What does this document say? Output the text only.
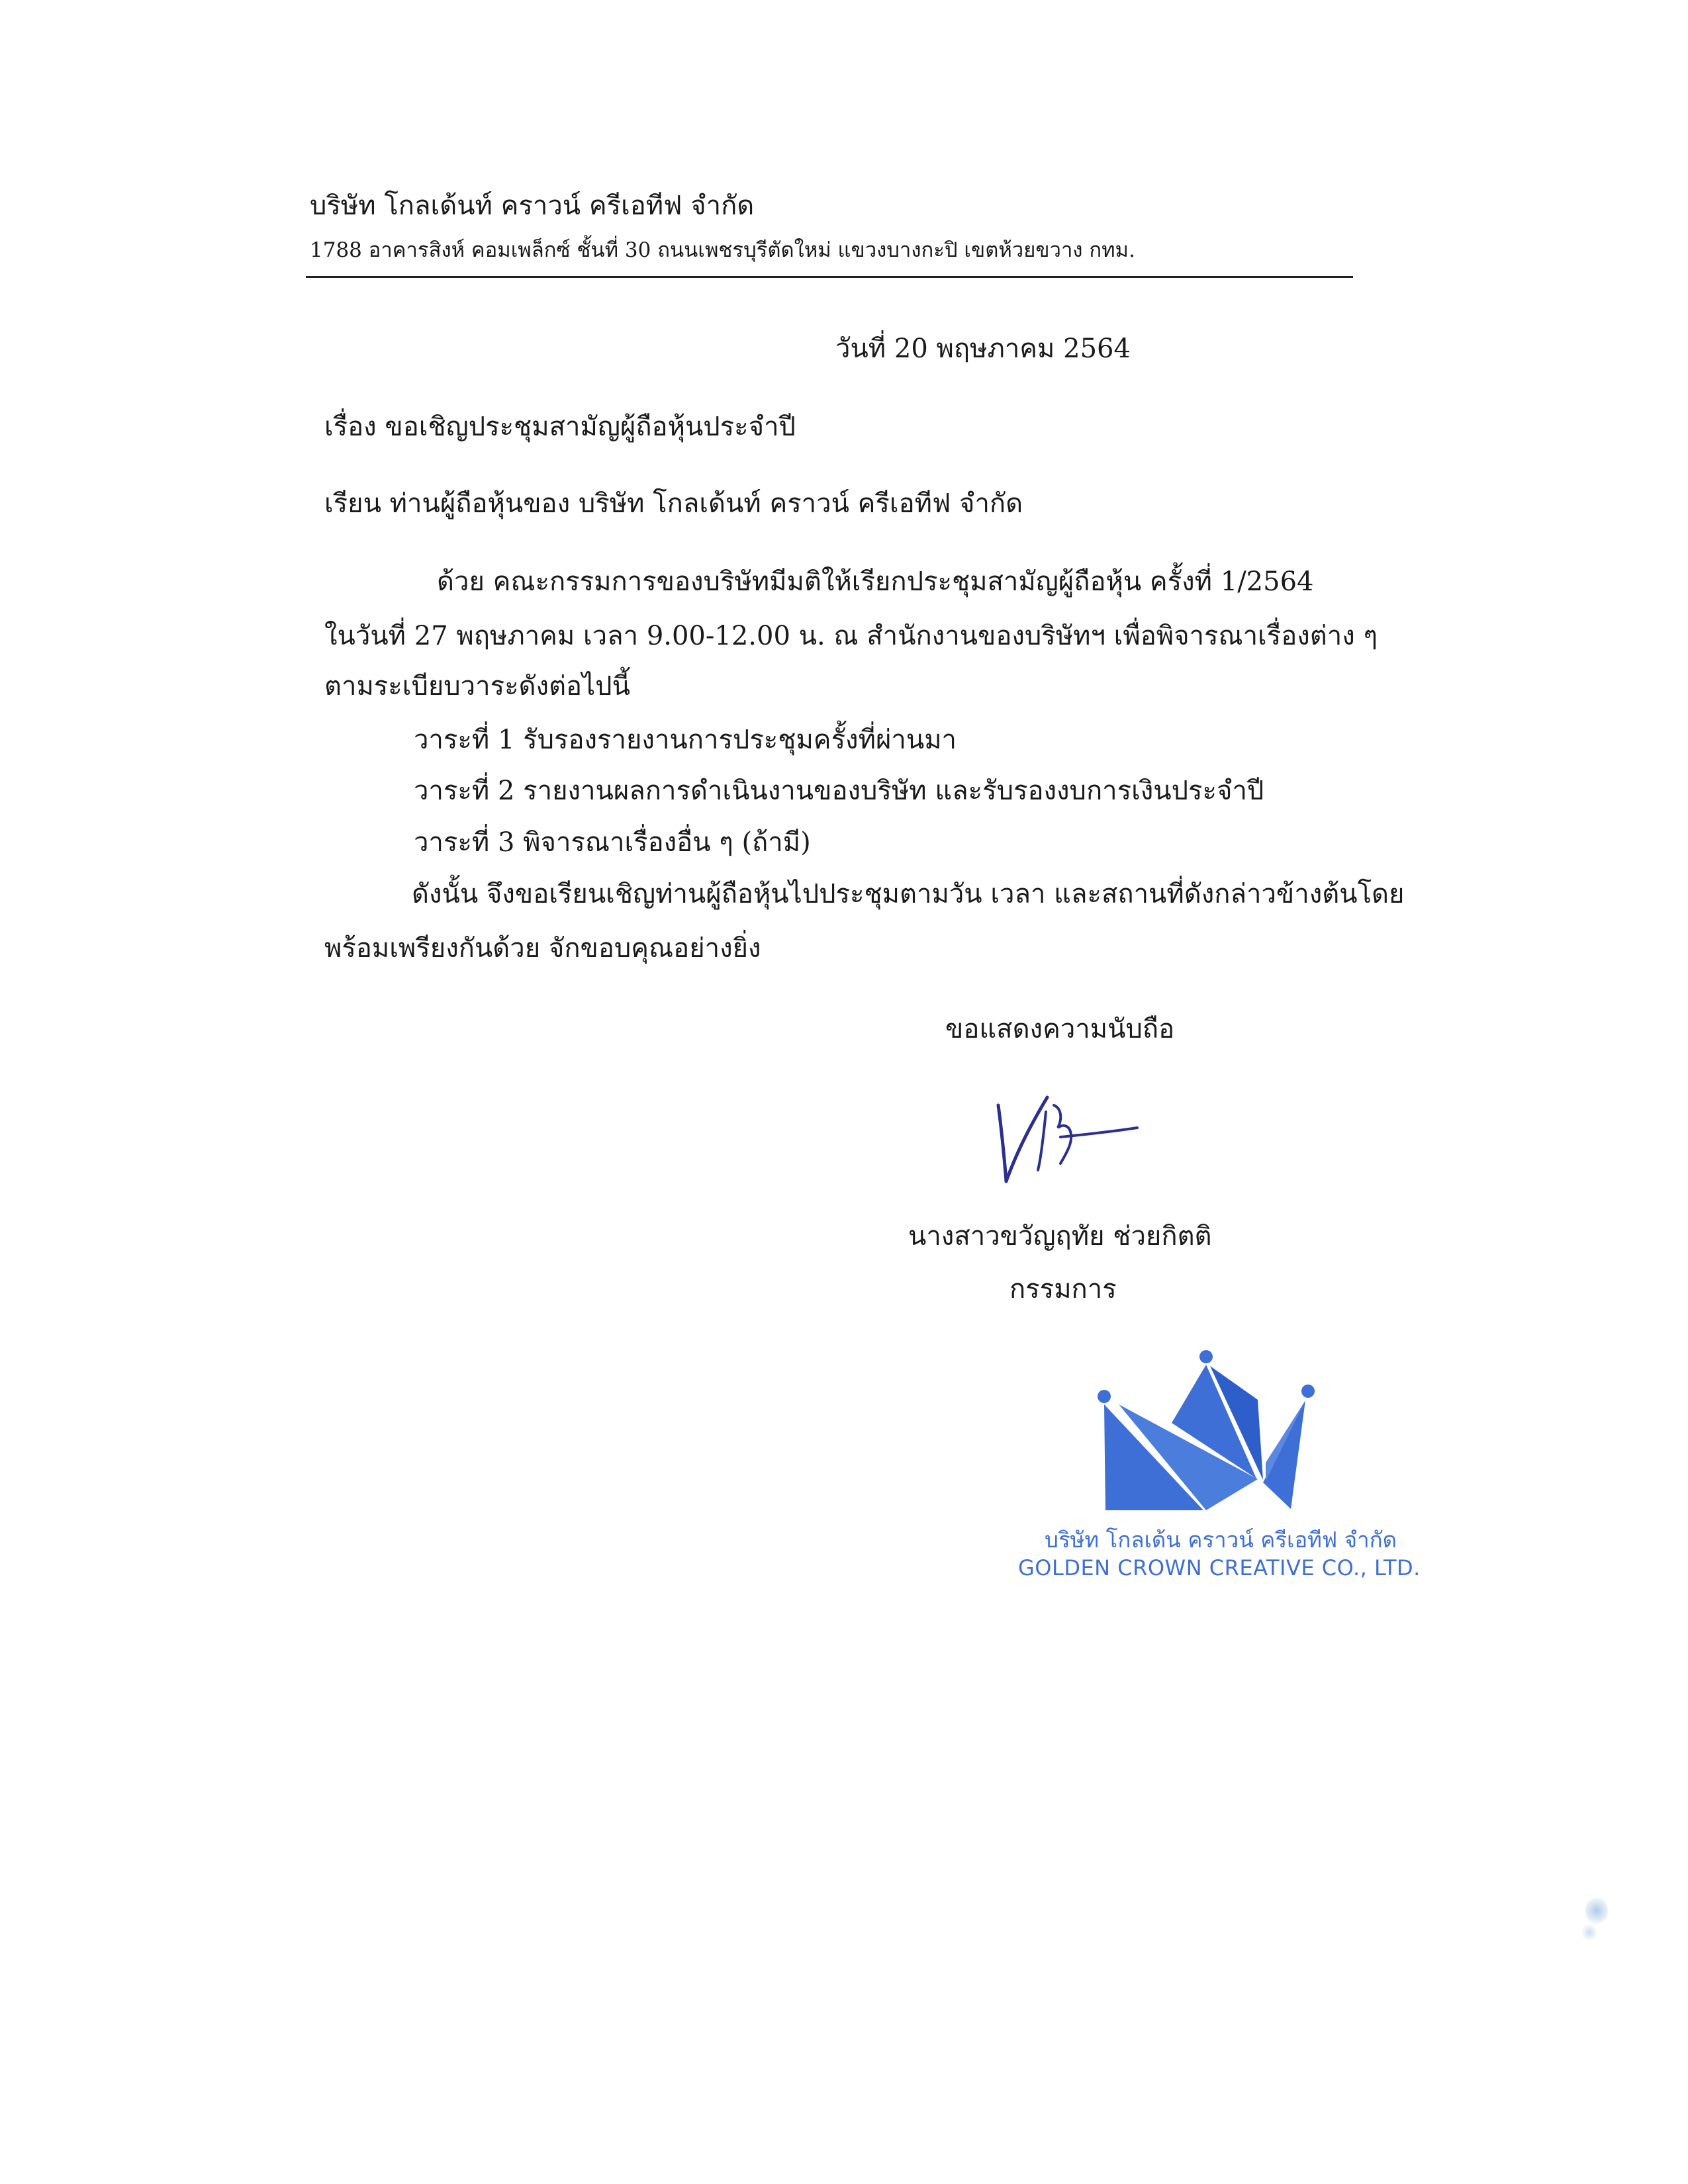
บริษัท โกลเด้นท์ คราวน์ ครีเอทีฟ จำกัด
1788 อาคารสิงห์ คอมเพล็กซ์ ชั้นที่ 30 ถนนเพชรบุรีตัดใหม่ แขวงบางกะปิ เขตห้วยขวาง กทม.
วันที่ 20 พฤษภาคม 2564
เรื่อง ขอเชิญประชุมสามัญผู้ถือหุ้นประจำปี
เรียน ท่านผู้ถือหุ้นของ บริษัท โกลเด้นท์ คราวน์ ครีเอทีฟ จำกัด
ด้วย คณะกรรมการของบริษัทมีมติให้เรียกประชุมสามัญผู้ถือหุ้น ครั้งที่ 1/2564
ในวันที่ 27 พฤษภาคม เวลา 9.00-12.00 น. ณ สำนักงานของบริษัทฯ เพื่อพิจารณาเรื่องต่าง ๆ
ตามระเบียบวาระดังต่อไปนี้
วาระที่ 1 รับรองรายงานการประชุมครั้งที่ผ่านมา
วาระที่ 2 รายงานผลการดำเนินงานของบริษัท และรับรองงบการเงินประจำปี
วาระที่ 3 พิจารณาเรื่องอื่น ๆ (ถ้ามี)
ดังนั้น จึงขอเรียนเชิญท่านผู้ถือหุ้นไปประชุมตามวัน เวลา และสถานที่ดังกล่าวข้างต้นโดย
พร้อมเพรียงกันด้วย จักขอบคุณอย่างยิ่ง
ขอแสดงความนับถือ
นางสาวขวัญฤทัย ช่วยกิตติ
กรรมการ
บริษัท โกลเด้น คราวน์ ครีเอทีฟ จำกัด
GOLDEN CROWN CREATIVE CO., LTD.
